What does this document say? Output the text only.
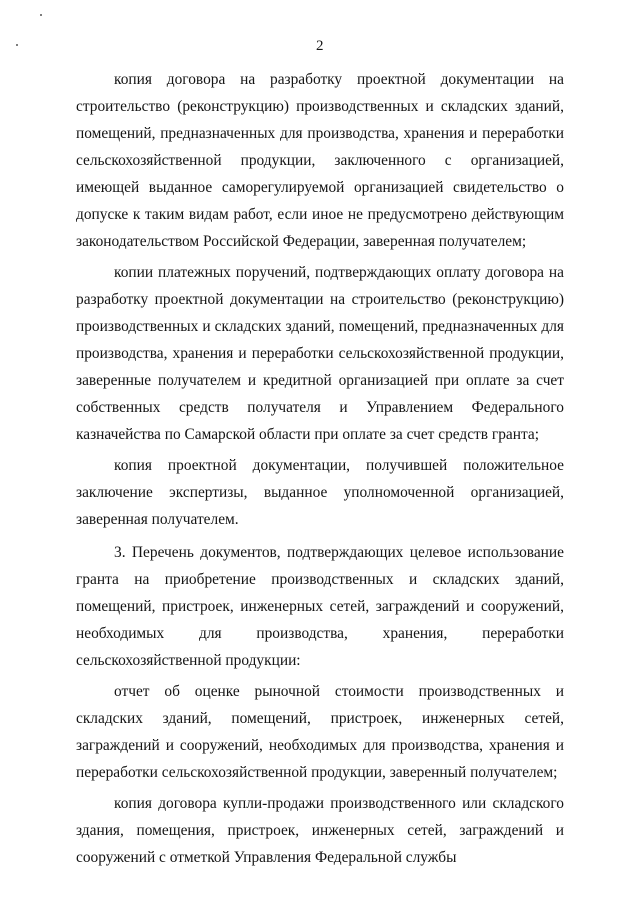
2

копия договора на разработку проектной документации на строительство (реконструкцию) производственных и складских зданий, помещений, предназначенных для производства, хранения и переработки сельскохозяйственной продукции, заключенного с организацией, имеющей выданное саморегулируемой организацией свидетельство о допуске к таким видам работ, если иное не предусмотрено действующим законодательством Российской Федерации, заверенная получателем;

копии платежных поручений, подтверждающих оплату договора на разработку проектной документации на строительство (реконструкцию) производственных и складских зданий, помещений, предназначенных для производства, хранения и переработки сельскохозяйственной продукции, заверенные получателем и кредитной организацией при оплате за счет собственных средств получателя и Управлением Федерального казначейства по Самарской области при оплате за счет средств гранта;

копия проектной документации, получившей положительное заключение экспертизы, выданное уполномоченной организацией, заверенная получателем.

3. Перечень документов, подтверждающих целевое использование гранта на приобретение производственных и складских зданий, помещений, пристроек, инженерных сетей, заграждений и сооружений, необходимых для производства, хранения, переработки сельскохозяйственной продукции:

отчет об оценке рыночной стоимости производственных и складских зданий, помещений, пристроек, инженерных сетей, заграждений и сооружений, необходимых для производства, хранения и переработки сельскохозяйственной продукции, заверенный получателем;

копия договора купли-продажи производственного или складского здания, помещения, пристроек, инженерных сетей, заграждений и сооружений с отметкой Управления Федеральной службы
